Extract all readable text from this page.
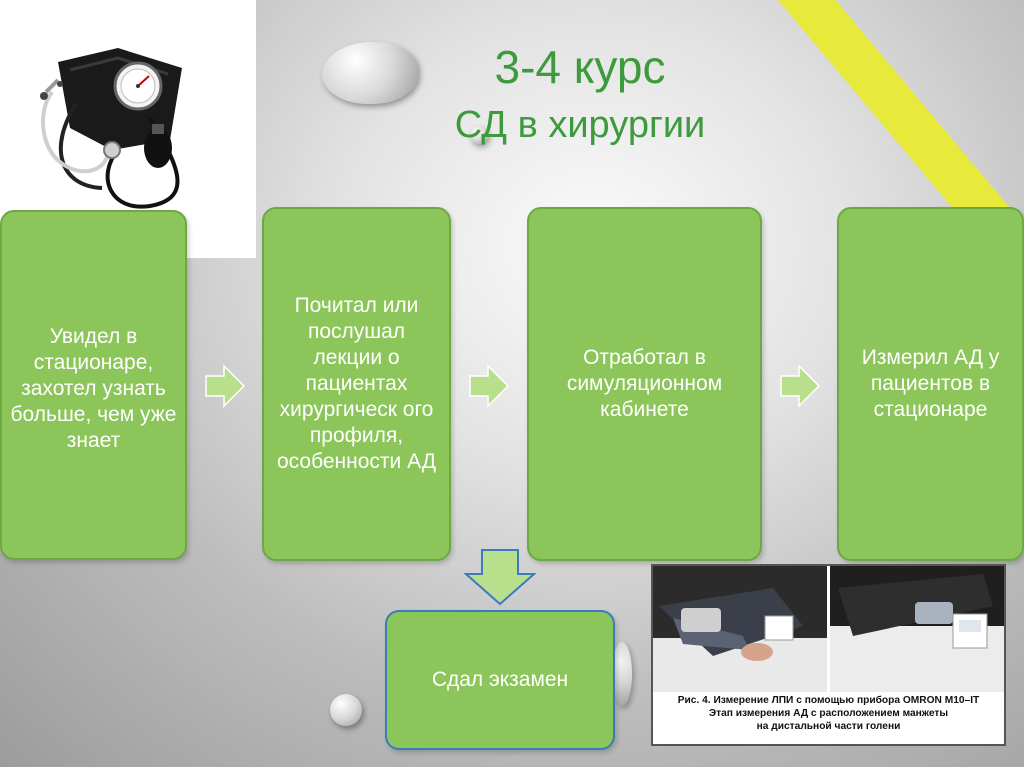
3-4 курс
СД в хирургии
Увидел в стационаре, захотел узнать больше, чем уже знает
Почитал или послушал лекции о пациентах хирургическ ого профиля, особенности АД
Отработал в симуляционном кабинете
Измерил АД у пациентов в стационаре
Сдал экзамен
Рис. 4. Измерение ЛПИ с помощью прибора OMRON M10–IT
Этап измерения АД с расположением манжеты
на дистальной части голени
